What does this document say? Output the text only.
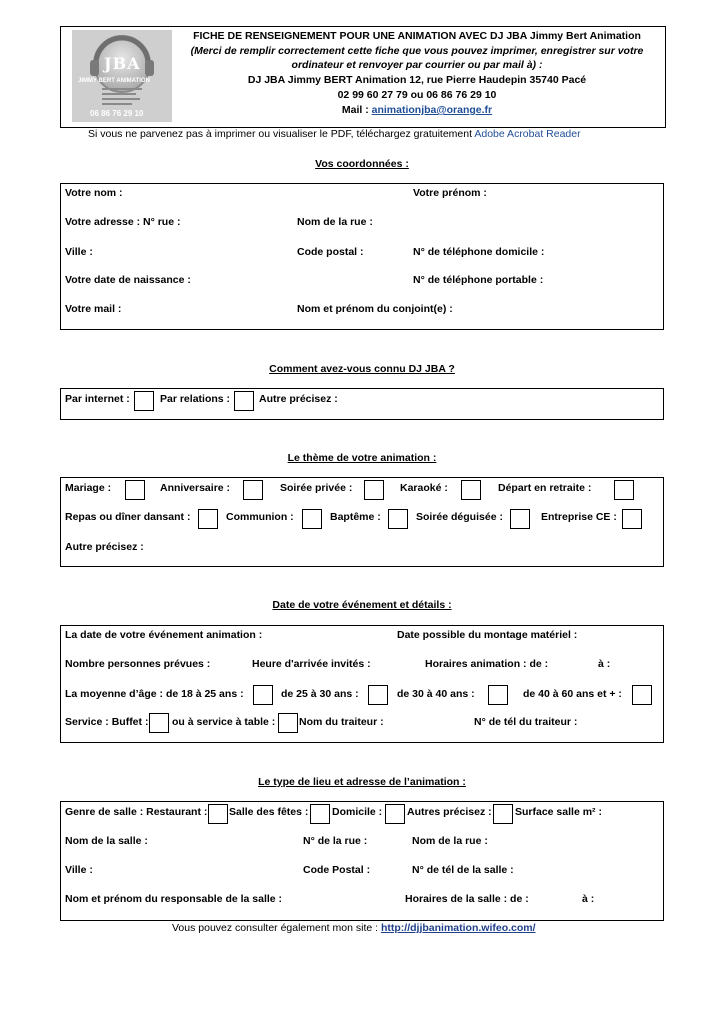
JBA
JIMMY BERT ANIMATION
06 86 76 29 10
FICHE DE RENSEIGNEMENT POUR UNE ANIMATION AVEC DJ JBA Jimmy Bert Animation
(Merci de remplir correctement cette fiche que vous pouvez imprimer, enregistrer sur votre
ordinateur et renvoyer par courrier ou par mail à) :
DJ JBA Jimmy BERT Animation 12, rue Pierre Haudepin 35740 Pacé
02 99 60 27 79 ou 06 86 76 29 10
Mail : animationjba@orange.fr
Si vous ne parvenez pas à imprimer ou visualiser le PDF, téléchargez gratuitement Adobe Acrobat Reader
Vos coordonnées :
Votre nom :	Votre prénom :
Votre adresse : N° rue :	Nom de la rue :
Ville :	Code postal :	N° de téléphone domicile :
Votre date de naissance :	N° de téléphone portable :
Votre mail :	Nom et prénom du conjoint(e) :
Comment avez-vous connu DJ JBA ?
Par internet :	Par relations :	Autre précisez :
Le thème de votre animation :
Mariage :	Anniversaire :	Soirée privée :	Karaoké :	Départ en retraite :
Repas ou dîner dansant :	Communion :	Baptême :	Soirée déguisée :	Entreprise CE :
Autre précisez :
Date de votre événement et détails :
La date de votre événement animation :	Date possible du montage matériel :
Nombre personnes prévues :	Heure d'arrivée invités :	Horaires animation : de :	à :
La moyenne d’âge : de 18 à 25 ans :	de 25 à 30 ans :	de 30 à 40 ans :	de 40 à 60 ans et + :
Service : Buffet : ou à service à table : Nom du traiteur :	N° de tél du traiteur :
Le type de lieu et adresse de l’animation :
Genre de salle : Restaurant : Salle des fêtes : Domicile : Autres précisez : Surface salle m² :
Nom de la salle :	N° de la rue :	Nom de la rue :
Ville :	Code Postal :	N° de tél de la salle :
Nom et prénom du responsable de la salle :	Horaires de la salle : de :	à :
Vous pouvez consulter également mon site : http://djjbanimation.wifeo.com/
